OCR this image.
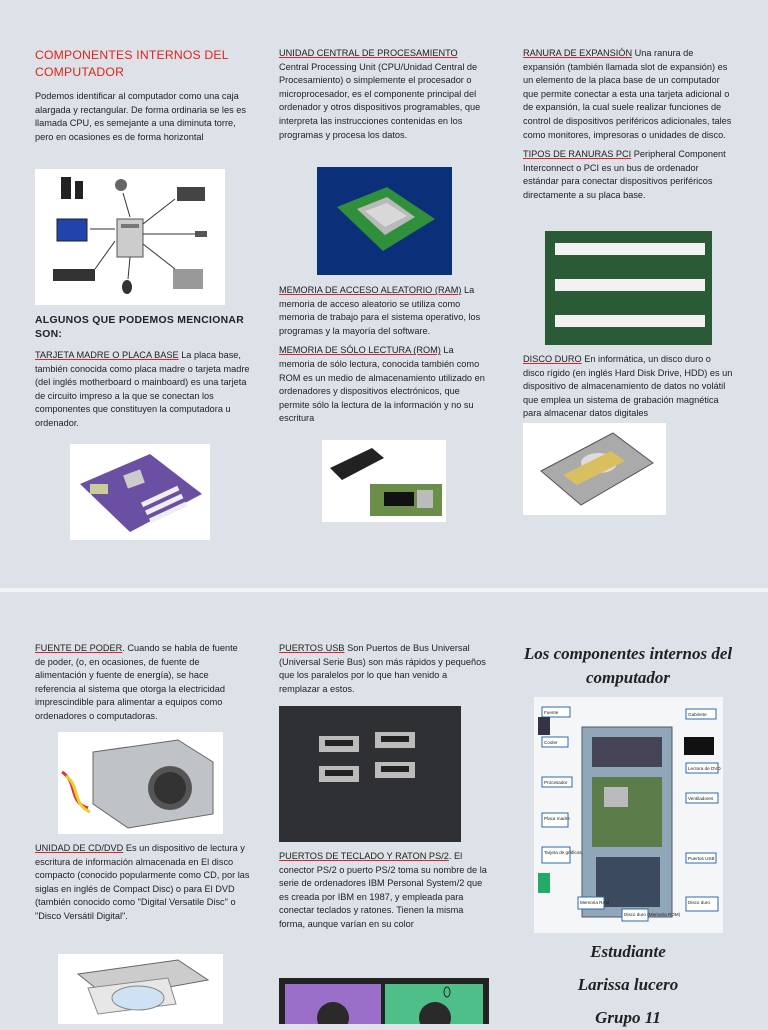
COMPONENTES INTERNOS DEL COMPUTADOR

Podemos identificar al computador como una caja alargada y rectangular. De forma ordinaria se les es llamada CPU, es semejante a una diminuta torre, pero en ocasiones es de forma horizontal

ALGUNOS QUE PODEMOS MENCIONAR SON:

TARJETA MADRE O PLACA BASE La placa base, también conocida como placa madre o tarjeta madre (del inglés motherboard o mainboard) es una tarjeta de circuito impreso a la que se conectan los componentes que constituyen la computadora u ordenador.

UNIDAD CENTRAL DE PROCESAMIENTO Central Processing Unit (CPU/Unidad Central de Procesamiento) o simplemente el procesador o microprocesador, es el componente principal del ordenador y otros dispositivos programables, que interpreta las instrucciones contenidas en los programas y procesa los datos.

MEMORIA DE ACCESO ALEATORIO (RAM) La memoria de acceso aleatorio se utiliza como memoria de trabajo para el sistema operativo, los programas y la mayoría del software.

MEMORIA DE SÓLO LECTURA (ROM) La memoria de sólo lectura, conocida también como ROM es un medio de almacenamiento utilizado en ordenadores y dispositivos electrónicos, que permite sólo la lectura de la información y no su escritura

RANURA DE EXPANSIÓN Una ranura de expansión (también llamada slot de expansión) es un elemento de la placa base de un computador que permite conectar a esta una tarjeta adicional o de expansión, la cual suele realizar funciones de control de dispositivos periféricos adicionales, tales como monitores, impresoras o unidades de disco.

TIPOS DE RANURAS PCI Peripheral Component Interconnect o PCI es un bus de ordenador estándar para conectar dispositivos periféricos directamente a su placa base.

DISCO DURO En informática, un disco duro o disco rígido (en inglés Hard Disk Drive, HDD) es un dispositivo de almacenamiento de datos no volátil que emplea un sistema de grabación magnética para almacenar datos digitales

FUENTE DE PODER. Cuando se habla de fuente de poder, (o, en ocasiones, de fuente de alimentación y fuente de energía), se hace referencia al sistema que otorga la electricidad imprescindible para alimentar a equipos como ordenadores o computadoras.

UNIDAD DE CD/DVD Es un dispositivo de lectura y escritura de información almacenada en El disco compacto (conocido popularmente como CD, por las siglas en inglés de Compact Disc) o para El DVD (también conocido como "Digital Versatile Disc" o "Disco Versátil Digital".

PUERTOS USB Son Puertos de Bus Universal (Universal Serie Bus) son más rápidos y pequeños que los paralelos por lo que han venido a remplazar a estos.

PUERTOS DE TECLADO Y RATON PS/2. El conector PS/2 o puerto PS/2 toma su nombre de la serie de ordenadores IBM Personal System/2 que es creada por IBM en 1987, y empleada para conectar teclados y ratones. Tienen la misma forma, aunque varían en su color

Los componentes internos del computador
Fuente
Cooler
Procesador
Placa madre
Tarjeta de gráficos
Memoria RAM	Disco duro
Gabinete
Lectora de DVD
Ventiladores
Puertos USB
Disco duro (Memoria ROM)
Estudiante
Larissa lucero
Grupo 11
